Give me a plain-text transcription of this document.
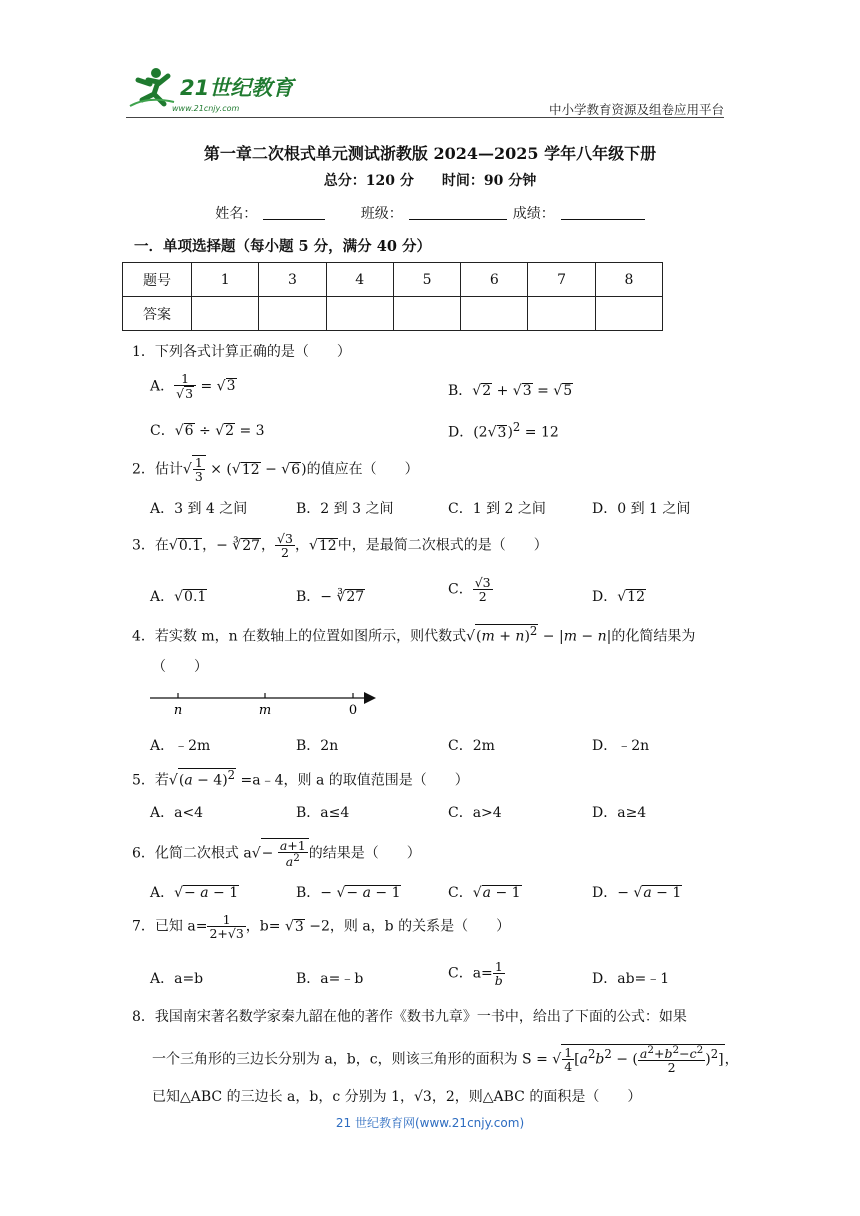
21世纪教育
www.21cnjy.com	中小学教育资源及组卷应用平台
第一章二次根式单元测试浙教版 2024—2025 学年八年级下册
总分：120 分　　时间：90 分钟
姓名：	班级：	成绩：
一．单项选择题（每小题 5 分，满分 40 分）
题号	1	3	4	5	6	7	8
答案							
1．下列各式计算正确的是（　　）
A． $\frac{1}{√3} = √3$	B．√2 + √3 = √5
C．√6 ÷ √2 = 3	D．$(2√3)^2 = 12$
2．估计√ $\frac{1}{3} \times (√12 - √6)$的值应在（　　）
A．3 到 4 之间	B．2 到 3 之间	C．1 到 2 之间	D．0 到 1 之间
3．在√0.1，− ∛27， $\frac{√3}{2}$ ，√12中，是最简二次根式的是（　　）
A．√0.1	B．− ∛27	C． $\frac{√3}{2}$	D．√12
4．若实数 m，n 在数轴上的位置如图所示，则代数式$√(m + n)^2 - |m - n|$的化简结果为
（　　）
n	m	0
A．﹣2m	B．2n	C．2m	D．﹣2n
5．若$√(a - 4)^2$ =a﹣4，则 a 的取值范围是（　　）
A．a<4	B．a≤4	C．a>4	D．a≥4
6．化简二次根式 $a√- \frac{a+1}{a^2}$ 的结果是（　　）
A．√− a − 1	B．− √− a − 1	C．√a − 1	D．− √a − 1
7．已知 $a= \frac{1}{2+√3}$ ，b= √3 −2，则 a，b 的关系是（　　）
A．a=b	B．a=﹣b	C．$a= \frac{1}{b}$	D．ab=﹣1
8．我国南宋著名数学家秦九韶在他的著作《数书九章》一书中，给出了下面的公式：如果
一个三角形的三边长分别为 a，b，c，则该三角形的面积为 S = √ $\frac{1}{4} [a^2b^2$ − ( $\frac{a^2+b^2-c^2}{2} )^2$]，
已知△ABC 的三边长 a，b，c 分别为 1，√3，2，则△ABC 的面积是（　　）
21 世纪教育网(www.21cnjy.com)
